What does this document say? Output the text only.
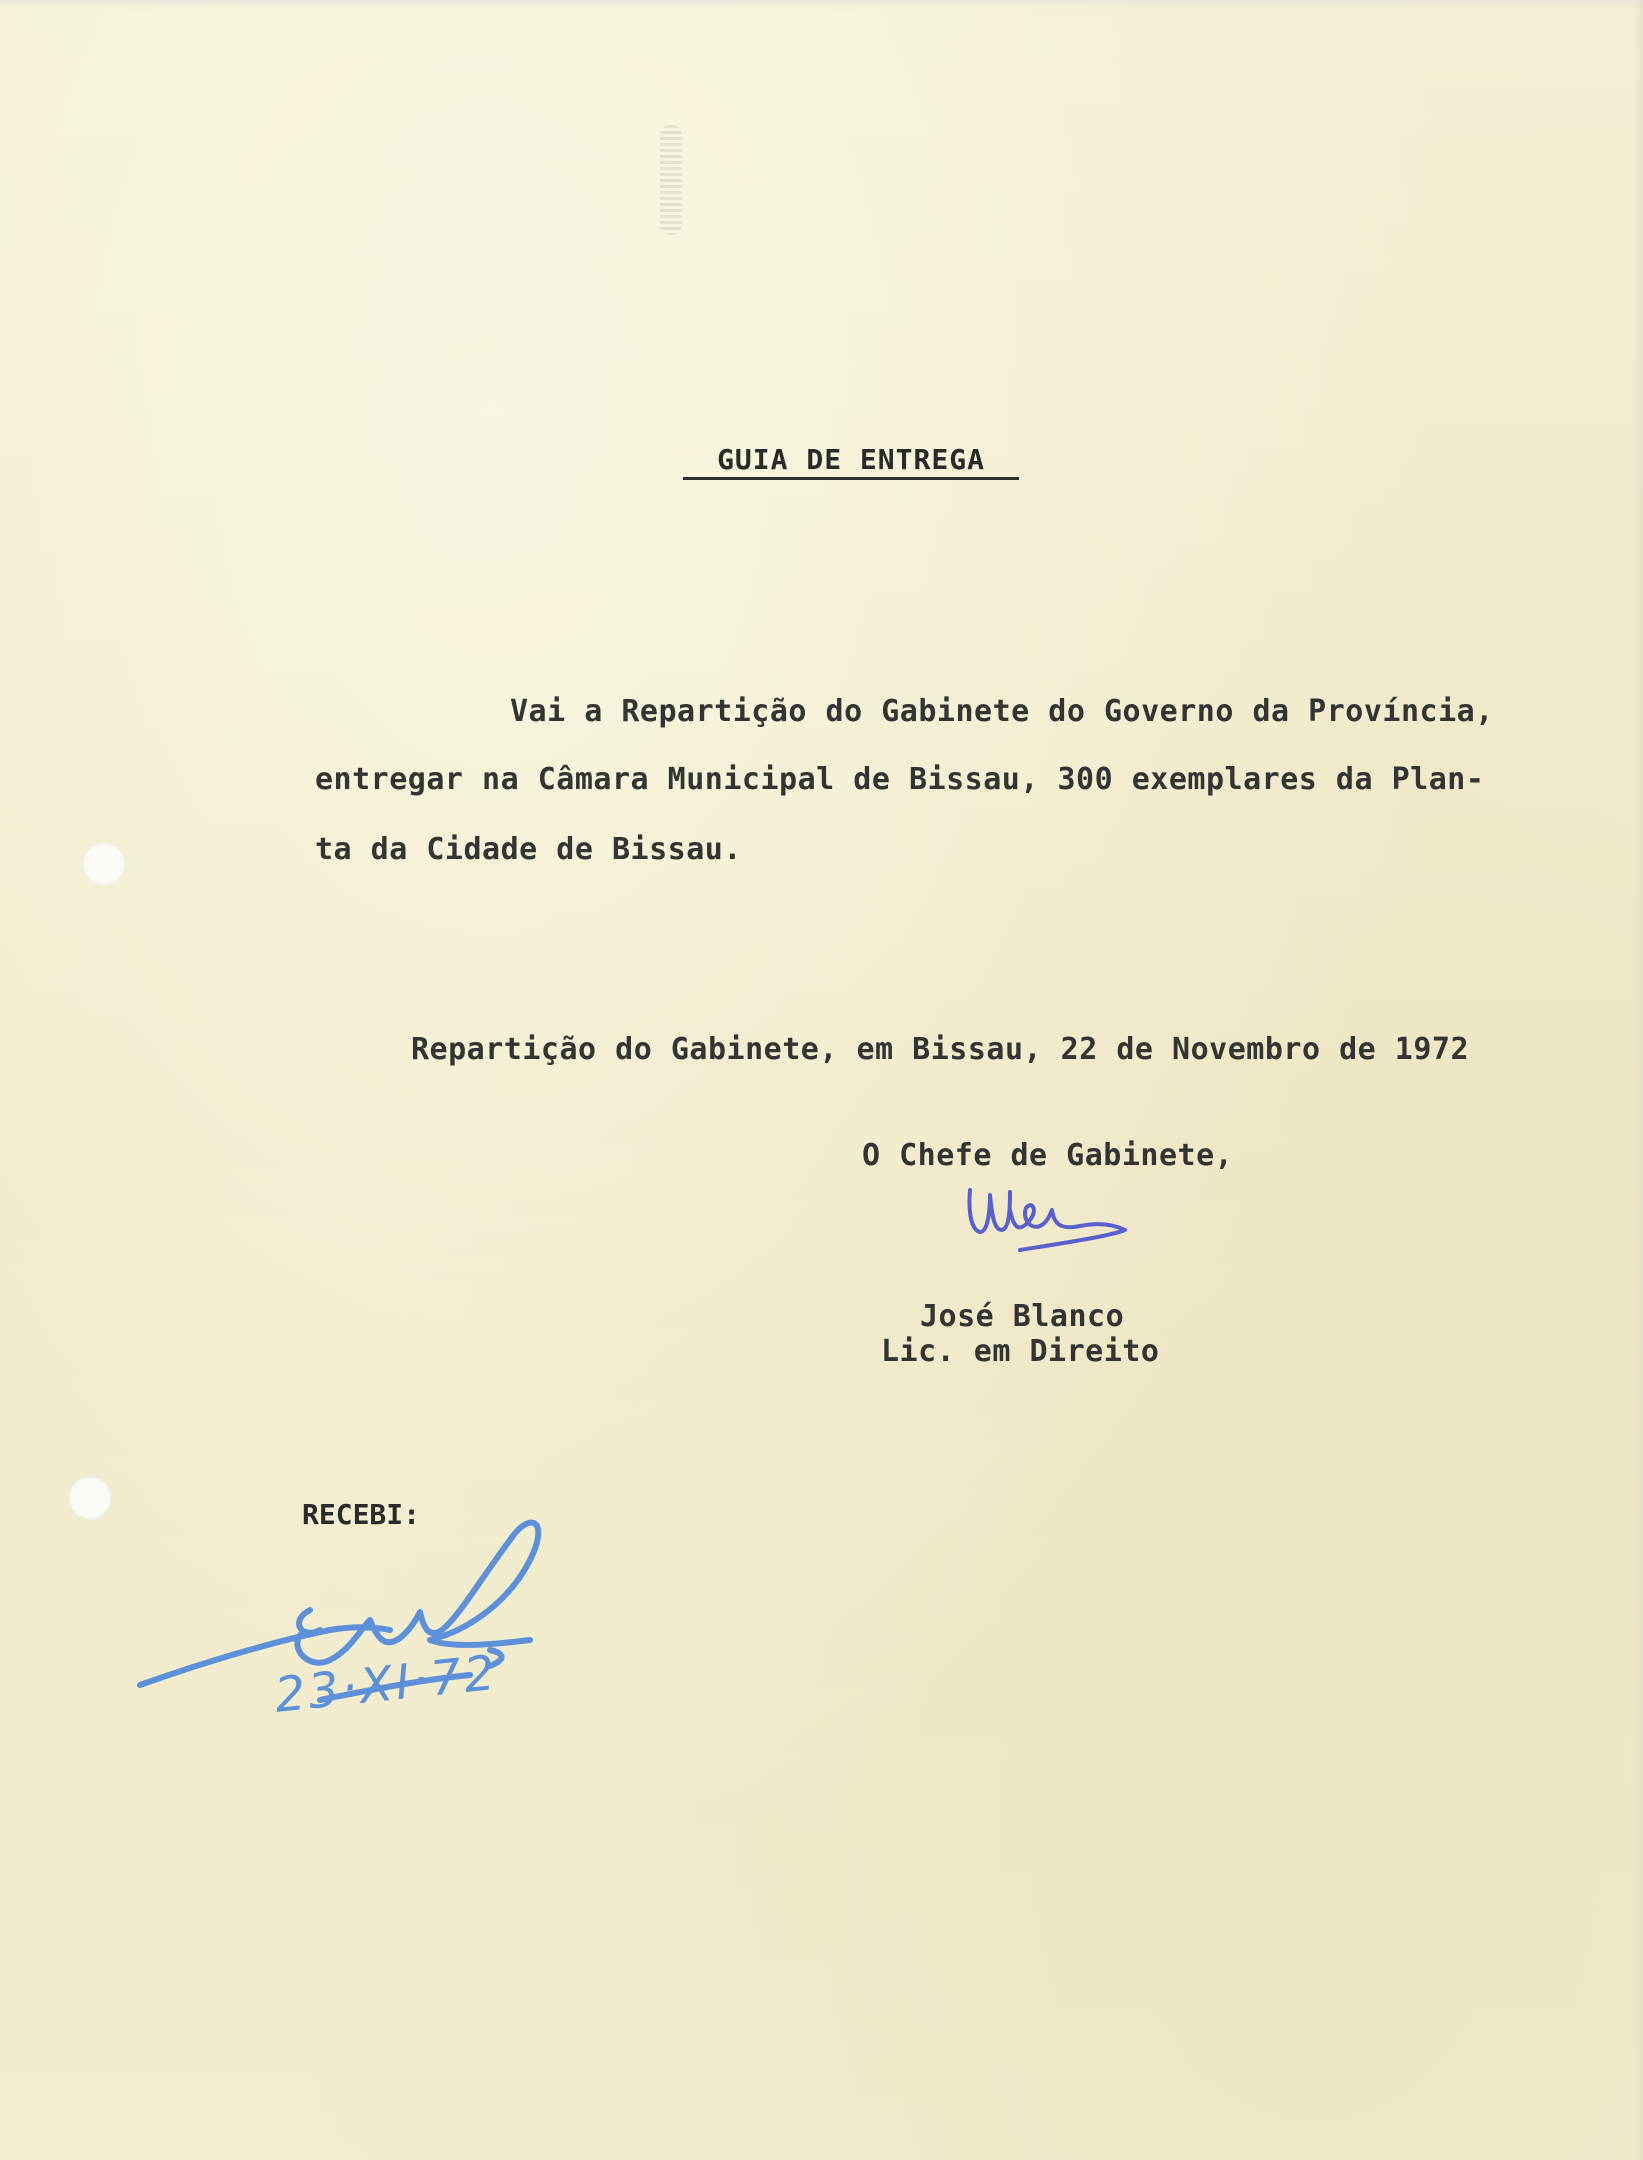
GUIA DE ENTREGA
Vai a Repartição do Gabinete do Governo da Província,
entregar na Câmara Municipal de Bissau, 300 exemplares da Plan-
ta da Cidade de Bissau.
Repartição do Gabinete, em Bissau, 22 de Novembro de 1972
O Chefe de Gabinete,
José Blanco
Lic. em Direito
RECEBI:
23·XI·72
